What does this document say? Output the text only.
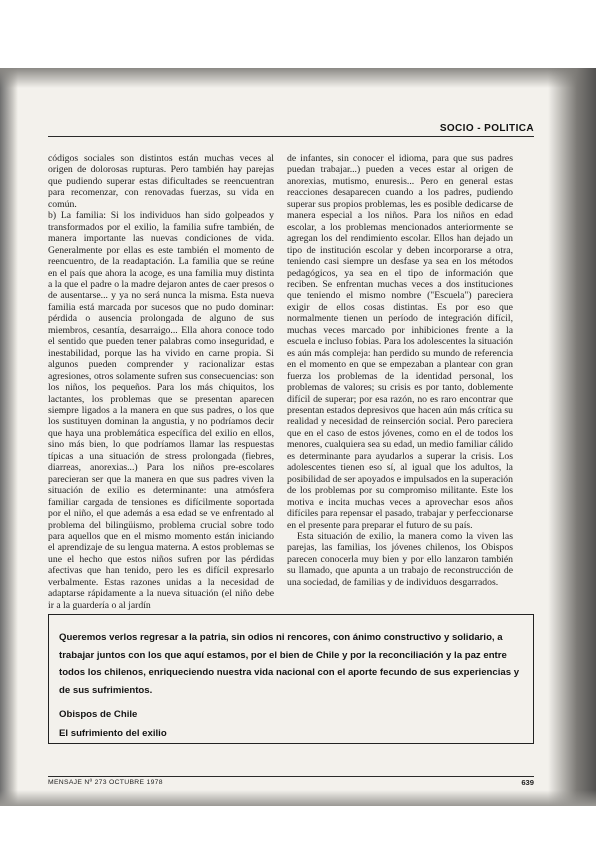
SOCIO - POLITICA

códigos sociales son distintos están muchas veces al origen de dolorosas rupturas. Pero también hay parejas que pudiendo superar estas dificultades se reencuentran para recomenzar, con renovadas fuerzas, su vida en común.

b) La familia: Si los individuos han sido golpeados y transformados por el exilio, la familia sufre también, de manera importante las nuevas condiciones de vida. Generalmente por ellas es este también el momento de reencuentro, de la readaptación. La familia que se reúne en el país que ahora la acoge, es una familia muy distinta a la que el padre o la madre dejaron antes de caer presos o de ausentarse... y ya no será nunca la misma. Esta nueva familia está marcada por sucesos que no pudo dominar: pérdida o ausencia prolongada de alguno de sus miembros, cesantía, desarraigo... Ella ahora conoce todo el sentido que pueden tener palabras como inseguridad, e inestabilidad, porque las ha vivido en carne propia. Si algunos pueden comprender y racionalizar estas agresiones, otros solamente sufren sus consecuencias: son los niños, los pequeños. Para los más chiquitos, los lactantes, los problemas que se presentan aparecen siempre ligados a la manera en que sus padres, o los que los sustituyen dominan la angustia, y no podríamos decir que haya una problemática específica del exilio en ellos, sino más bien, lo que podríamos llamar las respuestas típicas a una situación de stress prolongada (fiebres, diarreas, anorexias...) Para los niños pre-escolares parecieran ser que la manera en que sus padres viven la situación de exilio es determinante: una atmósfera familiar cargada de tensiones es difícilmente soportada por el niño, el que además a esa edad se ve enfrentado al problema del bilingüismo, problema crucial sobre todo para aquellos que en el mismo momento están iniciando el aprendizaje de su lengua materna. A estos problemas se une el hecho que estos niños sufren por las pérdidas afectivas que han tenido, pero les es difícil expresarlo verbalmente. Estas razones unidas a la necesidad de adaptarse rápidamente a la nueva situación (el niño debe ir a la guardería o al jardín

de infantes, sin conocer el idioma, para que sus padres puedan trabajar...) pueden a veces estar al origen de anorexias, mutismo, enuresis... Pero en general estas reacciones desaparecen cuando a los padres, pudiendo superar sus propios problemas, les es posible dedicarse de manera especial a los niños. Para los niños en edad escolar, a los problemas mencionados anteriormente se agregan los del rendimiento escolar. Ellos han dejado un tipo de institución escolar y deben incorporarse a otra, teniendo casi siempre un desfase ya sea en los métodos pedagógicos, ya sea en el tipo de información que reciben. Se enfrentan muchas veces a dos instituciones que teniendo el mismo nombre ("Escuela") pareciera exigir de ellos cosas distintas. Es por eso que normalmente tienen un período de integración difícil, muchas veces marcado por inhibiciones frente a la escuela e incluso fobias. Para los adolescentes la situación es aún más compleja: han perdido su mundo de referencia en el momento en que se empezaban a plantear con gran fuerza los problemas de la identidad personal, los problemas de valores; su crisis es por tanto, doblemente difícil de superar; por esa razón, no es raro encontrar que presentan estados depresivos que hacen aún más crítica su realidad y necesidad de reinserción social. Pero pareciera que en el caso de estos jóvenes, como en el de todos los menores, cualquiera sea su edad, un medio familiar cálido es determinante para ayudarlos a superar la crisis. Los adolescentes tienen eso sí, al igual que los adultos, la posibilidad de ser apoyados e impulsados en la superación de los problemas por su compromiso militante. Este los motiva e incita muchas veces a aprovechar esos años difíciles para repensar el pasado, trabajar y perfeccionarse en el presente para preparar el futuro de su país.

Esta situación de exilio, la manera como la viven las parejas, las familias, los jóvenes chilenos, los Obispos parecen conocerla muy bien y por ello lanzaron también su llamado, que apunta a un trabajo de reconstrucción de una sociedad, de familias y de individuos desgarrados.

Queremos verlos regresar a la patria, sin odios ni rencores, con ánimo constructivo y solidario, a trabajar juntos con los que aquí estamos, por el bien de Chile y por la reconciliación y la paz entre todos los chilenos, enriqueciendo nuestra vida nacional con el aporte fecundo de sus experiencias y de sus sufrimientos.

Obispos de Chile
El sufrimiento del exilio

MENSAJE Nº 273 OCTUBRE 1978	639
